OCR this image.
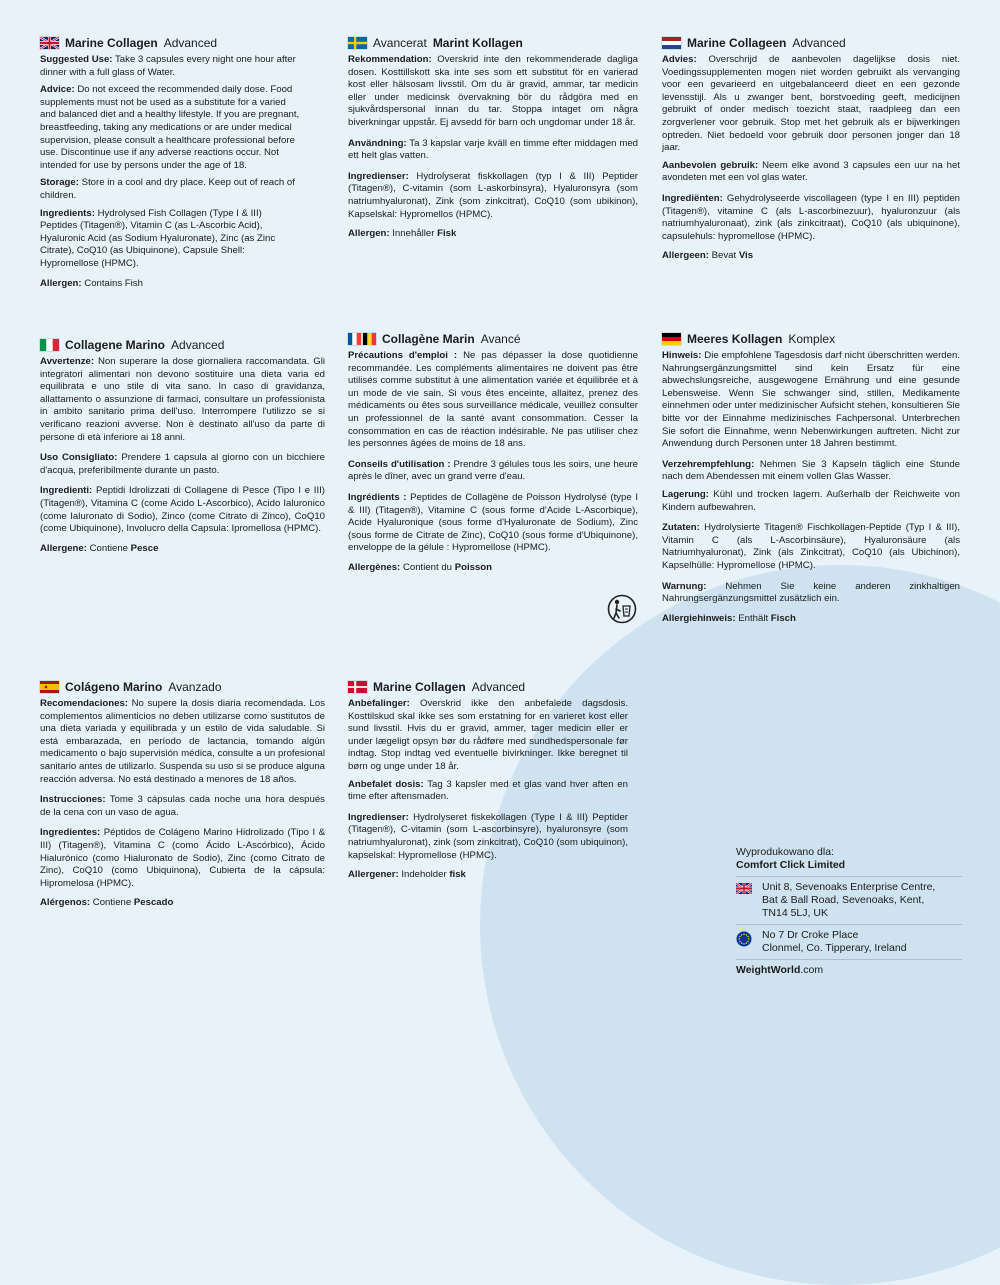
Marine Collagen Advanced

Suggested Use: Take 3 capsules every night one hour after dinner with a full glass of Water.

Advice: Do not exceed the recommended daily dose. Food supplements must not be used as a substitute for a varied and balanced diet and a healthy lifestyle. If you are pregnant, breastfeeding, taking any medications or are under medical supervision, please consult a healthcare professional before use. Discontinue use if any adverse reactions occur. Not intended for use by persons under the age of 18.

Storage: Store in a cool and dry place. Keep out of reach of children.

Ingredients: Hydrolysed Fish Collagen (Type I & III) Peptides (Titagen®), Vitamin C (as L-Ascorbic Acid), Hyaluronic Acid (as Sodium Hyaluronate), Zinc (as Zinc Citrate), CoQ10 (as Ubiquinone), Capsule Shell: Hypromellose (HPMC).

Allergen: Contains Fish

Avancerat Marint Kollagen

Rekommendation: Overskrid inte den rekommenderade dagliga dosen. Kosttillskott ska inte ses som ett substitut för en varierad kost eller hälsosam livsstil. Om du är gravid, ammar, tar medicin eller under medicinsk övervakning bör du rådgöra med en sjukvårdspersonal innan du tar. Stoppa intaget om några biverkningar uppstår. Ej avsedd för barn och ungdomar under 18 år.

Användning: Ta 3 kapslar varje kväll en timme efter middagen med ett helt glas vatten.

Ingredienser: Hydrolyserat fiskkollagen (typ I & III) Peptider (Titagen®), C-vitamin (som L-askorbinsyra), Hyaluronsyra (som natriumhyaluronat), Zink (som zinkcitrat), CoQ10 (som ubikinon), Kapselskal: Hypromellos (HPMC).

Allergen: Innehåller Fisk

Marine Collageen Advanced

Advies: Overschrijd de aanbevolen dagelijkse dosis niet. Voedingssupplementen mogen niet worden gebruikt als vervanging voor een gevarieerd en uitgebalanceerd dieet en een gezonde levensstijl. Als u zwanger bent, borstvoeding geeft, medicijnen gebruikt of onder medisch toezicht staat, raadpleeg dan een zorgverlener voor gebruik. Stop met het gebruik als er bijwerkingen optreden. Niet bedoeld voor gebruik door personen jonger dan 18 jaar.

Aanbevolen gebruik: Neem elke avond 3 capsules een uur na het avondeten met een vol glas water.

Ingrediënten: Gehydrolyseerde viscollageen (type I en III) peptiden (Titagen®), vitamine C (als L-ascorbinezuur), hyaluronzuur (als natriumhyaluronaat), zink (als zinkcitraat), CoQ10 (als ubiquinone), capsulehuls: hypromellose (HPMC).

Allergeen: Bevat Vis

Collagene Marino Advanced

Avvertenze: Non superare la dose giornaliera raccomandata. Gli integratori alimentari non devono sostituire una dieta varia ed equilibrata e uno stile di vita sano. In caso di gravidanza, allattamento o assunzione di farmaci, consultare un professionista in ambito sanitario prima dell'uso. Interrompere l'utilizzo se si verificano reazioni avverse. Non è destinato all'uso da parte di persone di età inferiore ai 18 anni.

Uso Consigliato: Prendere 1 capsula al giorno con un bicchiere d'acqua, preferibilmente durante un pasto.

Ingredienti: Peptidi Idrolizzati di Collagene di Pesce (Tipo I e III) (Titagen®), Vitamina C (come Acido L-Ascorbico), Acido Ialuronico (come Ialuronato di Sodio), Zinco (come Citrato di Zinco), CoQ10 (come Ubiquinone), Involucro della Capsula: Ipromellosa (HPMC).

Allergene: Contiene Pesce

Collagène Marin Avancé

Précautions d'emploi : Ne pas dépasser la dose quotidienne recommandée. Les compléments alimentaires ne doivent pas être utilisés comme substitut à une alimentation variée et équilibrée et à un mode de vie sain. Si vous êtes enceinte, allaitez, prenez des médicaments ou êtes sous surveillance médicale, veuillez consulter un professionnel de la santé avant consommation. Cesser la consommation en cas de réaction indésirable. Ne pas utiliser chez les personnes âgées de moins de 18 ans.

Conseils d'utilisation : Prendre 3 gélules tous les soirs, une heure après le dîner, avec un grand verre d'eau.

Ingrédients : Peptides de Collagène de Poisson Hydrolysé (type I & III) (Titagen®), Vitamine C (sous forme d'Acide L-Ascorbique), Acide Hyaluronique (sous forme d'Hyaluronate de Sodium), Zinc (sous forme de Citrate de Zinc), CoQ10 (sous forme d'Ubiquinone), enveloppe de la gélule : Hypromellose (HPMC).

Allergènes: Contient du Poisson

Meeres Kollagen Komplex

Hinweis: Die empfohlene Tagesdosis darf nicht überschritten werden. Nahrungsergänzungsmittel sind kein Ersatz für eine abwechslungsreiche, ausgewogene Ernährung und eine gesunde Lebensweise. Wenn Sie schwanger sind, stillen, Medikamente einnehmen oder unter medizinischer Aufsicht stehen, konsultieren Sie bitte vor der Einnahme medizinisches Fachpersonal. Unterbrechen Sie sofort die Einnahme, wenn Nebenwirkungen auftreten. Nicht zur Anwendung durch Personen unter 18 Jahren bestimmt.

Verzehrempfehlung: Nehmen Sie 3 Kapseln täglich eine Stunde nach dem Abendessen mit einem vollen Glas Wasser.

Lagerung: Kühl und trocken lagern. Außerhalb der Reichweite von Kindern aufbewahren.

Zutaten: Hydrolysierte Titagen® Fischkollagen-Peptide (Typ I & III), Vitamin C (als L-Ascorbinsäure), Hyaluronsäure (als Natriumhyaluronat), Zink (als Zinkcitrat), CoQ10 (als Ubichinon), Kapselhülle: Hypromellose (HPMC).

Warnung: Nehmen Sie keine anderen zinkhaltigen Nahrungsergänzungsmittel zusätzlich ein.

Allergiehinweis: Enthält Fisch

Colágeno Marino Avanzado

Recomendaciones: No supere la dosis diaria recomendada. Los complementos alimenticios no deben utilizarse como sustitutos de una dieta variada y equilibrada y un estilo de vida saludable. Si está embarazada, en período de lactancia, tomando algún medicamento o bajo supervisión médica, consulte a un profesional sanitario antes de utilizarlo. Suspenda su uso si se produce alguna reacción adversa. No está destinado a menores de 18 años.

Instrucciones: Tome 3 cápsulas cada noche una hora después de la cena con un vaso de agua.

Ingredientes: Péptidos de Colágeno Marino Hidrolizado (Tipo I & III) (Titagen®), Vitamina C (como Ácido L-Ascórbico), Ácido Hialurónico (como Hialuronato de Sodio), Zinc (como Citrato de Zinc), CoQ10 (como Ubiquinona), Cubierta de la cápsula: Hipromelosa (HPMC).

Alérgenos: Contiene Pescado

Marine Collagen Advanced

Anbefalinger: Overskrid ikke den anbefalede dagsdosis. Kosttilskud skal ikke ses som erstatning for en varieret kost eller sund livsstil. Hvis du er gravid, ammer, tager medicin eller er under lægeligt opsyn bør du rådføre med sundhedspersonale før indtag. Stop indtag ved eventuelle bivirkninger. Ikke beregnet til børn og unge under 18 år.

Anbefalet dosis: Tag 3 kapsler med et glas vand hver aften en time efter aftensmaden.

Ingredienser: Hydrolyseret fiskekollagen (Type I & III) Peptider (Titagen®), C-vitamin (som L-ascorbinsyre), hyaluronsyre (som natriumhyaluronat), zink (som zinkcitrat), CoQ10 (som ubiquinon), kapselskal: Hypromellose (HPMC).

Allergener: Indeholder fisk

Wyprodukowano dla:
Comfort Click Limited
Unit 8, Sevenoaks Enterprise Centre,
Bat & Ball Road, Sevenoaks, Kent,
TN14 5LJ, UK
No 7 Dr Croke Place
Clonmel, Co. Tipperary, Ireland
WeightWorld.com
